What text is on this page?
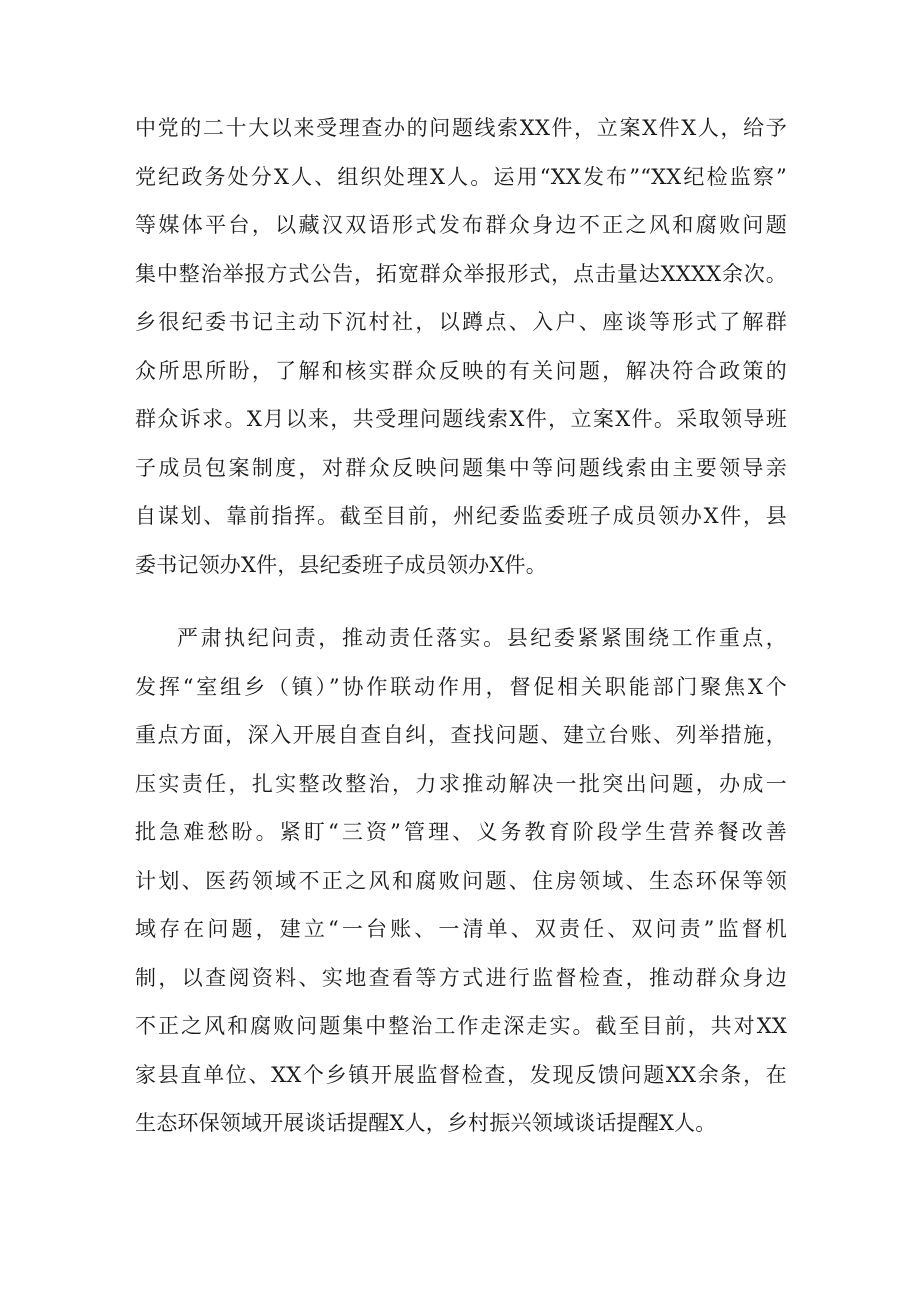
中党的二十大以来受理查办的问题线索XX件，立案X件X人，给予
党纪政务处分X人、组织处理X人。运用“XX发布”“XX纪检监察”
等媒体平台，以藏汉双语形式发布群众身边不正之风和腐败问题
集中整治举报方式公告，拓宽群众举报形式，点击量达XXXX余次。
乡很纪委书记主动下沉村社，以蹲点、入户、座谈等形式了解群
众所思所盼，了解和核实群众反映的有关问题，解决符合政策的
群众诉求。X月以来，共受理问题线索X件，立案X件。采取领导班
子成员包案制度，对群众反映问题集中等问题线索由主要领导亲
自谋划、靠前指挥。截至目前，州纪委监委班子成员领办X件，县
委书记领办X件，县纪委班子成员领办X件。

严肃执纪问责，推动责任落实。县纪委紧紧围绕工作重点，
发挥“室组乡（镇）”协作联动作用，督促相关职能部门聚焦X个
重点方面，深入开展自查自纠，查找问题、建立台账、列举措施，
压实责任，扎实整改整治，力求推动解决一批突出问题，办成一
批急难愁盼。紧盯“三资”管理、义务教育阶段学生营养餐改善
计划、医药领域不正之风和腐败问题、住房领域、生态环保等领
域存在问题，建立“一台账、一清单、双责任、双问责”监督机
制，以查阅资料、实地查看等方式进行监督检查，推动群众身边
不正之风和腐败问题集中整治工作走深走实。截至目前，共对XX
家县直单位、XX个乡镇开展监督检查，发现反馈问题XX余条，在
生态环保领域开展谈话提醒X人，乡村振兴领域谈话提醒X人。
